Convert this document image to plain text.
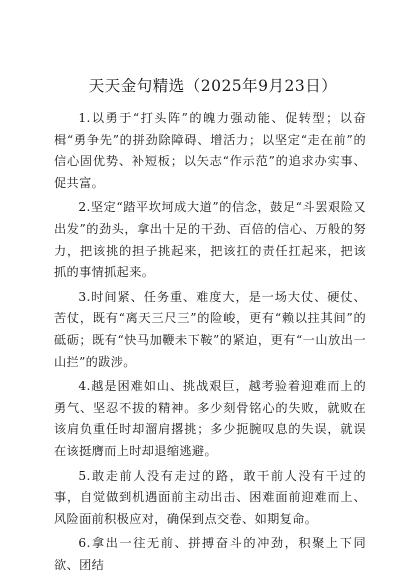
天天金句精选（2025年9月23日）

1.以勇于“打头阵”的魄力强动能、促转型；以奋楫“勇争先”的拼劲除障碍、增活力；以坚定“走在前”的信心固优势、补短板；以矢志“作示范”的追求办实事、促共富。

2.坚定“踏平坎坷成大道”的信念，鼓足“斗罢艰险又出发”的劲头，拿出十足的干劲、百倍的信心、万般的努力，把该挑的担子挑起来，把该扛的责任扛起来，把该抓的事情抓起来。

3.时间紧、任务重、难度大，是一场大仗、硬仗、苦仗，既有“离天三尺三”的险峻，更有“赖以拄其间”的砥砺；既有“快马加鞭未下鞍”的紧迫，更有“一山放出一山拦”的跋涉。

4.越是困难如山、挑战艰巨，越考验着迎难而上的勇气、坚忍不拔的精神。多少刻骨铭心的失败，就败在该肩负重任时却溜肩撂挑；多少扼腕叹息的失误，就误在该挺膺而上时却退缩逃避。

5.敢走前人没有走过的路，敢干前人没有干过的事，自觉做到机遇面前主动出击、困难面前迎难而上、风险面前积极应对，确保到点交卷、如期复命。

6.拿出一往无前、拼搏奋斗的冲劲，积聚上下同欲、团结
